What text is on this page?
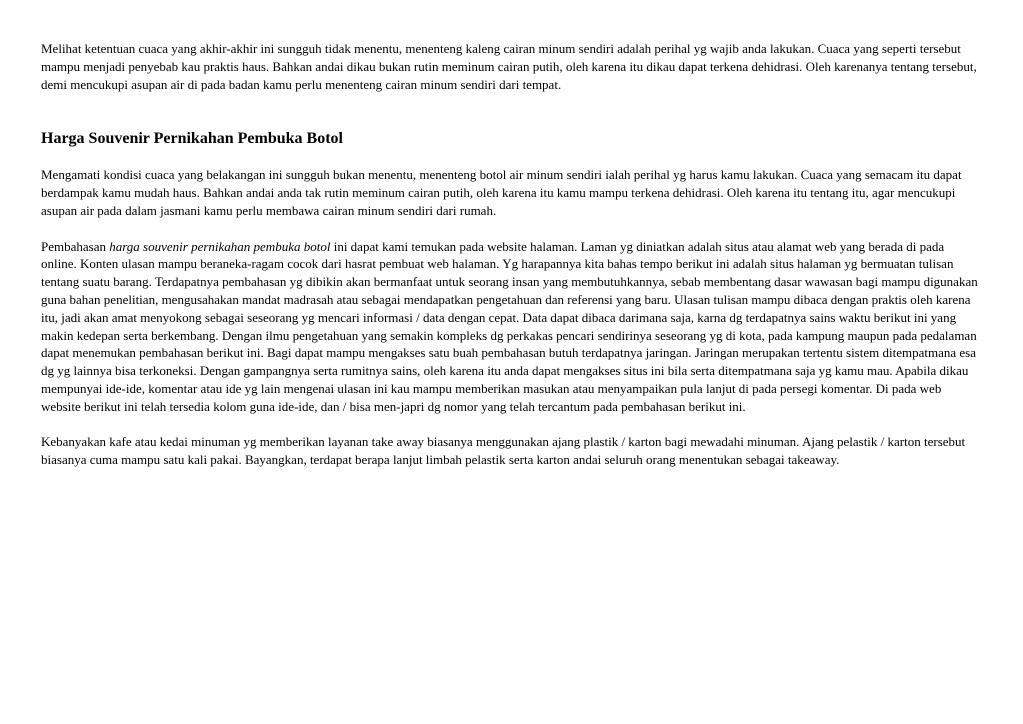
Melihat ketentuan cuaca yang akhir-akhir ini sungguh tidak menentu, menenteng kaleng cairan minum sendiri adalah perihal yg wajib anda lakukan. Cuaca yang seperti tersebut mampu menjadi penyebab kau praktis haus. Bahkan andai dikau bukan rutin meminum cairan putih, oleh karena itu dikau dapat terkena dehidrasi. Oleh karenanya tentang tersebut, demi mencukupi asupan air di pada badan kamu perlu menenteng cairan minum sendiri dari tempat.

Harga Souvenir Pernikahan Pembuka Botol

Mengamati kondisi cuaca yang belakangan ini sungguh bukan menentu, menenteng botol air minum sendiri ialah perihal yg harus kamu lakukan. Cuaca yang semacam itu dapat berdampak kamu mudah haus. Bahkan andai anda tak rutin meminum cairan putih, oleh karena itu kamu mampu terkena dehidrasi. Oleh karena itu tentang itu, agar mencukupi asupan air pada dalam jasmani kamu perlu membawa cairan minum sendiri dari rumah.

Pembahasan harga souvenir pernikahan pembuka botol ini dapat kami temukan pada website halaman. Laman yg diniatkan adalah situs atau alamat web yang berada di pada online. Konten ulasan mampu beraneka-ragam cocok dari hasrat pembuat web halaman. Yg harapannya kita bahas tempo berikut ini adalah situs halaman yg bermuatan tulisan tentang suatu barang. Terdapatnya pembahasan yg dibikin akan bermanfaat untuk seorang insan yang membutuhkannya, sebab membentang dasar wawasan bagi mampu digunakan guna bahan penelitian, mengusahakan mandat madrasah atau sebagai mendapatkan pengetahuan dan referensi yang baru. Ulasan tulisan mampu dibaca dengan praktis oleh karena itu, jadi akan amat menyokong sebagai seseorang yg mencari informasi / data dengan cepat. Data dapat dibaca darimana saja, karna dg terdapatnya sains waktu berikut ini yang makin kedepan serta berkembang. Dengan ilmu pengetahuan yang semakin kompleks dg perkakas pencari sendirinya seseorang yg di kota, pada kampung maupun pada pedalaman dapat menemukan pembahasan berikut ini. Bagi dapat mampu mengakses satu buah pembahasan butuh terdapatnya jaringan. Jaringan merupakan tertentu sistem ditempatmana esa dg yg lainnya bisa terkoneksi. Dengan gampangnya serta rumitnya sains, oleh karena itu anda dapat mengakses situs ini bila serta ditempatmana saja yg kamu mau. Apabila dikau mempunyai ide-ide, komentar atau ide yg lain mengenai ulasan ini kau mampu memberikan masukan atau menyampaikan pula lanjut di pada persegi komentar. Di pada web website berikut ini telah tersedia kolom guna ide-ide, dan / bisa men-japri dg nomor yang telah tercantum pada pembahasan berikut ini.

Kebanyakan kafe atau kedai minuman yg memberikan layanan take away biasanya menggunakan ajang plastik / karton bagi mewadahi minuman. Ajang pelastik / karton tersebut biasanya cuma mampu satu kali pakai. Bayangkan, terdapat berapa lanjut limbah pelastik serta karton andai seluruh orang menentukan sebagai takeaway.
